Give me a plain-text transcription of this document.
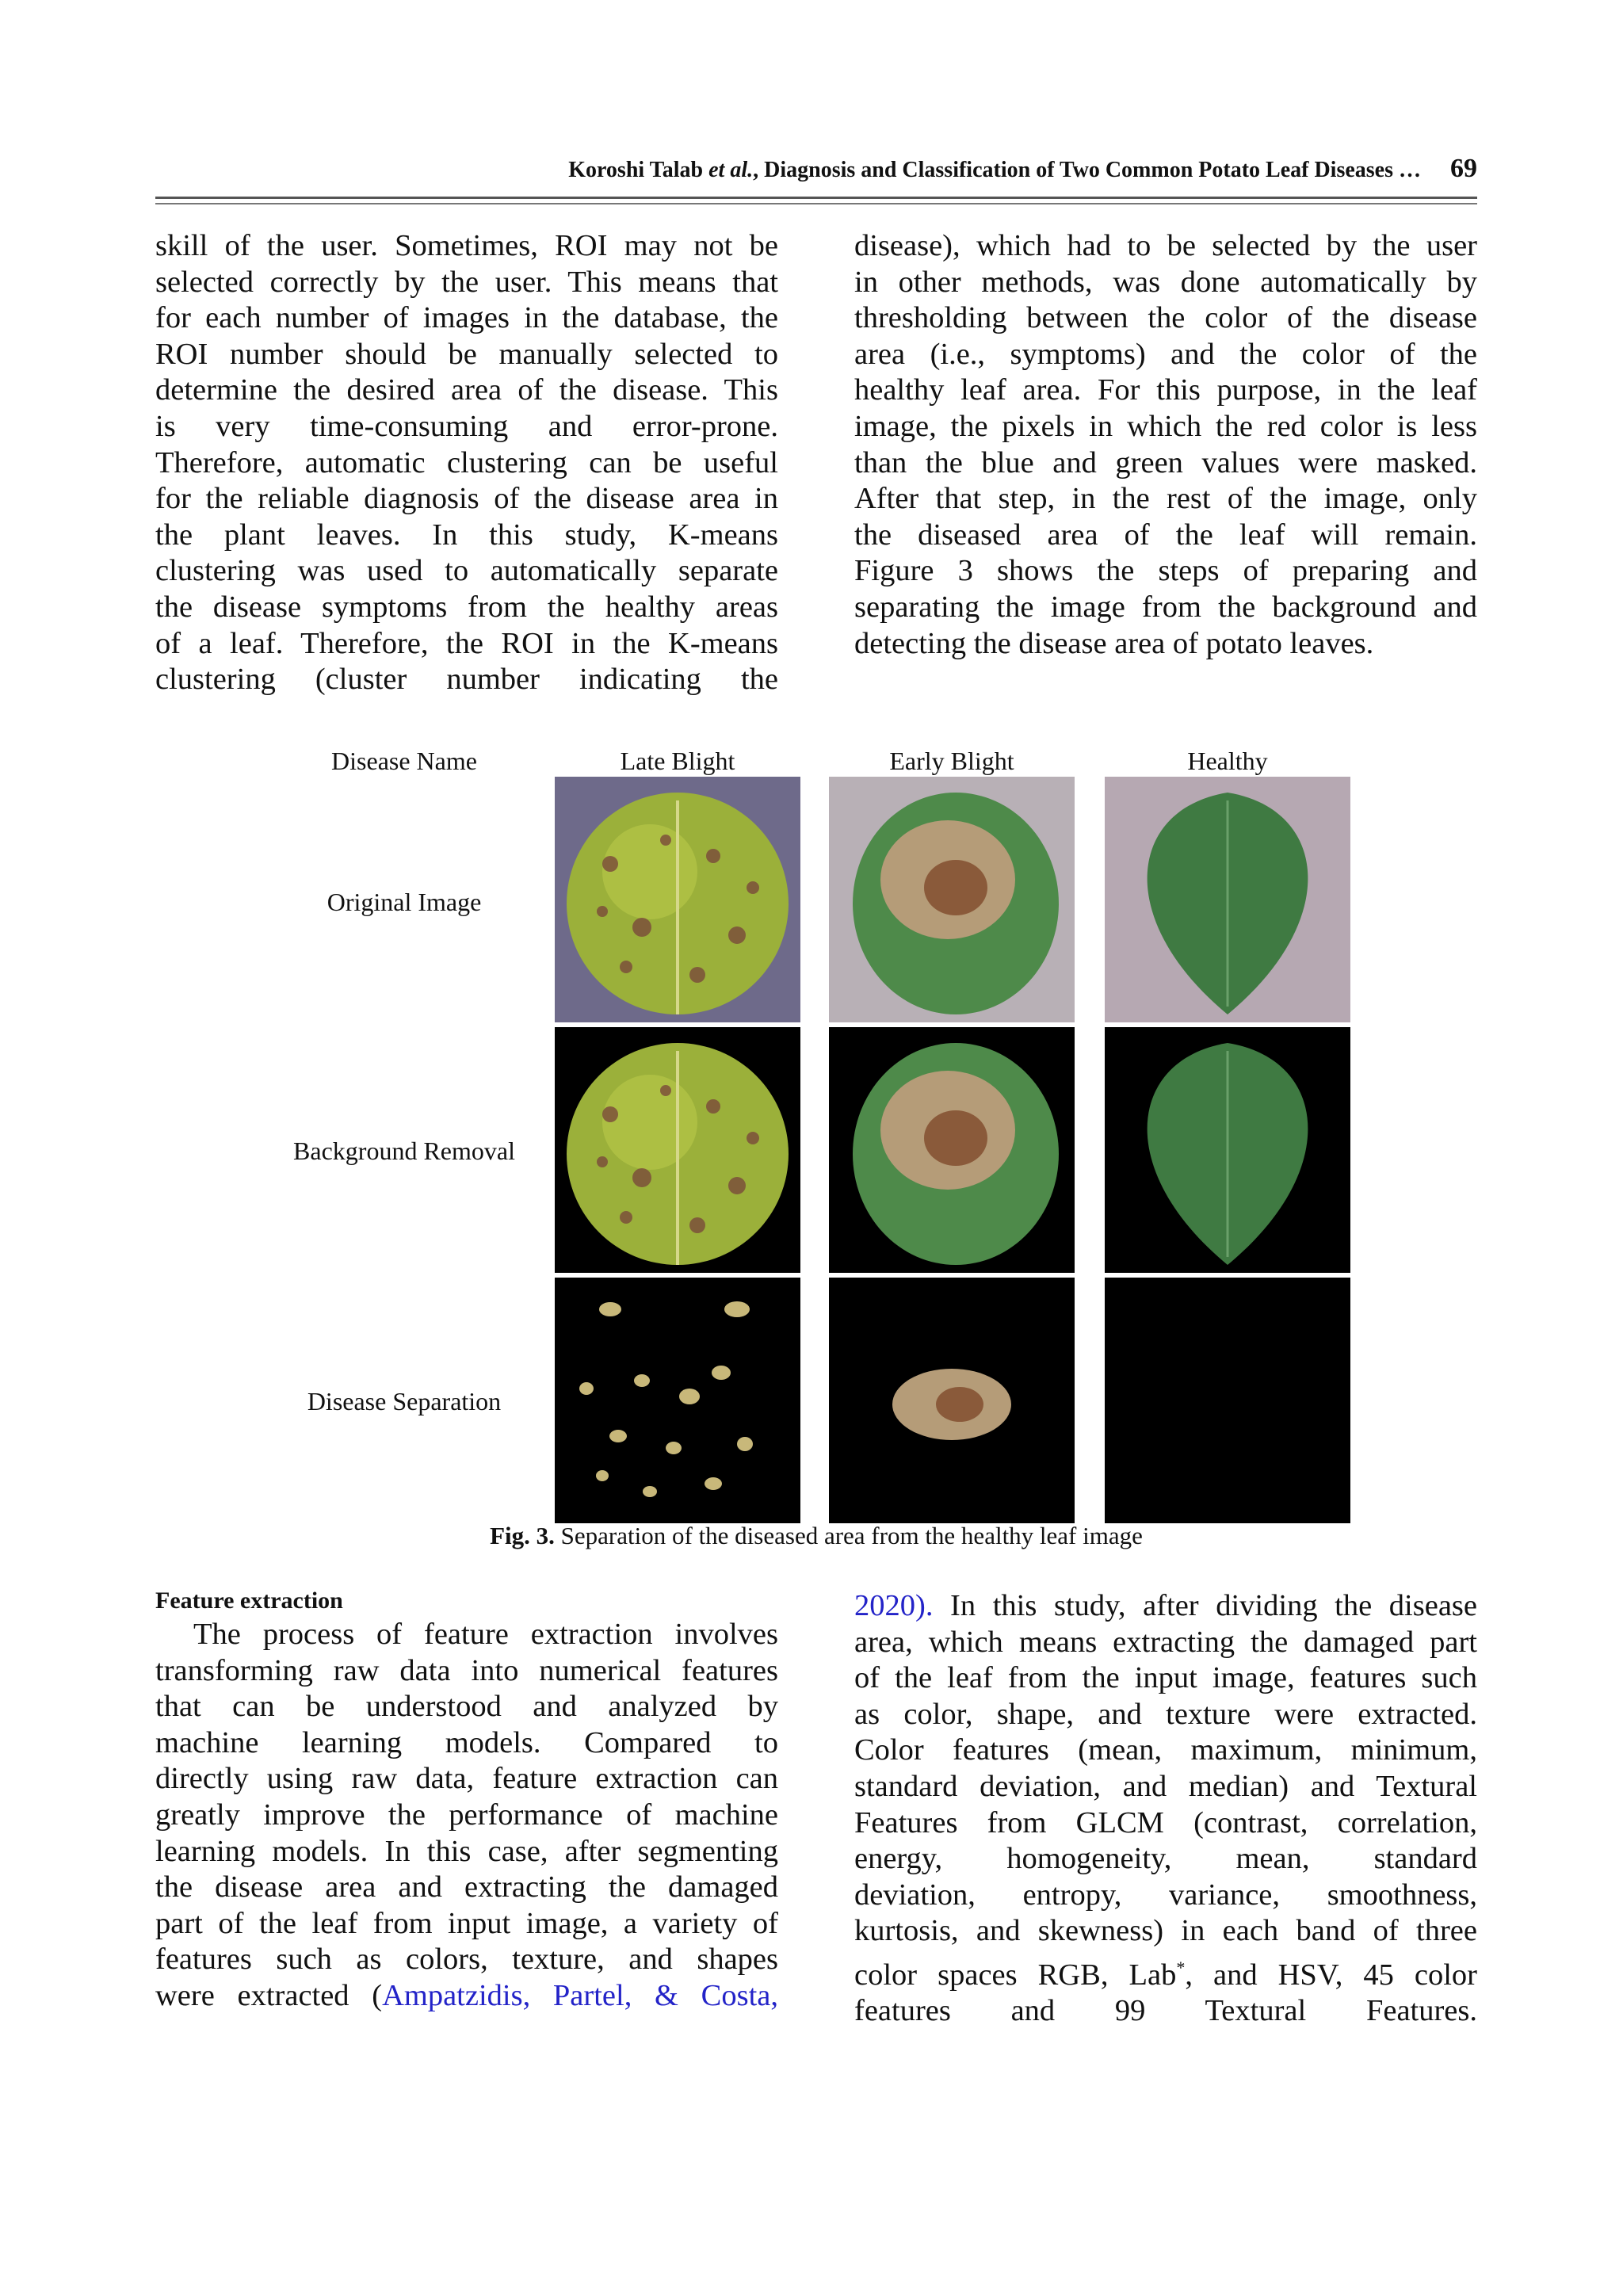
Koroshi Talab et al., Diagnosis and Classification of Two Common Potato Leaf Diseases … 69

skill of the user. Sometimes, ROI may not be

selected correctly by the user. This means that

for each number of images in the database, the

ROI number should be manually selected to

determine the desired area of the disease. This

is very time-consuming and error-prone.

Therefore, automatic clustering can be useful

for the reliable diagnosis of the disease area in

the plant leaves. In this study, K-means

clustering was used to automatically separate

the disease symptoms from the healthy areas

of a leaf. Therefore, the ROI in the K-means

clustering (cluster number indicating the

disease), which had to be selected by the user

in other methods, was done automatically by

thresholding between the color of the disease

area (i.e., symptoms) and the color of the

healthy leaf area. For this purpose, in the leaf

image, the pixels in which the red color is less

than the blue and green values were masked.

After that step, in the rest of the image, only

the diseased area of the leaf will remain.

Figure 3 shows the steps of preparing and

separating the image from the background and

detecting the disease area of potato leaves.

Disease Name	Late Blight	Early Blight	Healthy
Original Image
Background Removal
Disease Separation
Fig. 3. Separation of the diseased area from the healthy leaf image

Feature extraction

The process of feature extraction involves

transforming raw data into numerical features

that can be understood and analyzed by

machine learning models. Compared to

directly using raw data, feature extraction can

greatly improve the performance of machine

learning models. In this case, after segmenting

the disease area and extracting the damaged

part of the leaf from input image, a variety of

features such as colors, texture, and shapes

were extracted (Ampatzidis, Partel, & Costa,

2020). In this study, after dividing the disease

area, which means extracting the damaged part

of the leaf from the input image, features such

as color, shape, and texture were extracted.

Color features (mean, maximum, minimum,

standard deviation, and median) and Textural

Features from GLCM (contrast, correlation,

energy, homogeneity, mean, standard

deviation, entropy, variance, smoothness,

kurtosis, and skewness) in each band of three

color spaces RGB, Lab*, and HSV, 45 color

features and 99 Textural Features.
